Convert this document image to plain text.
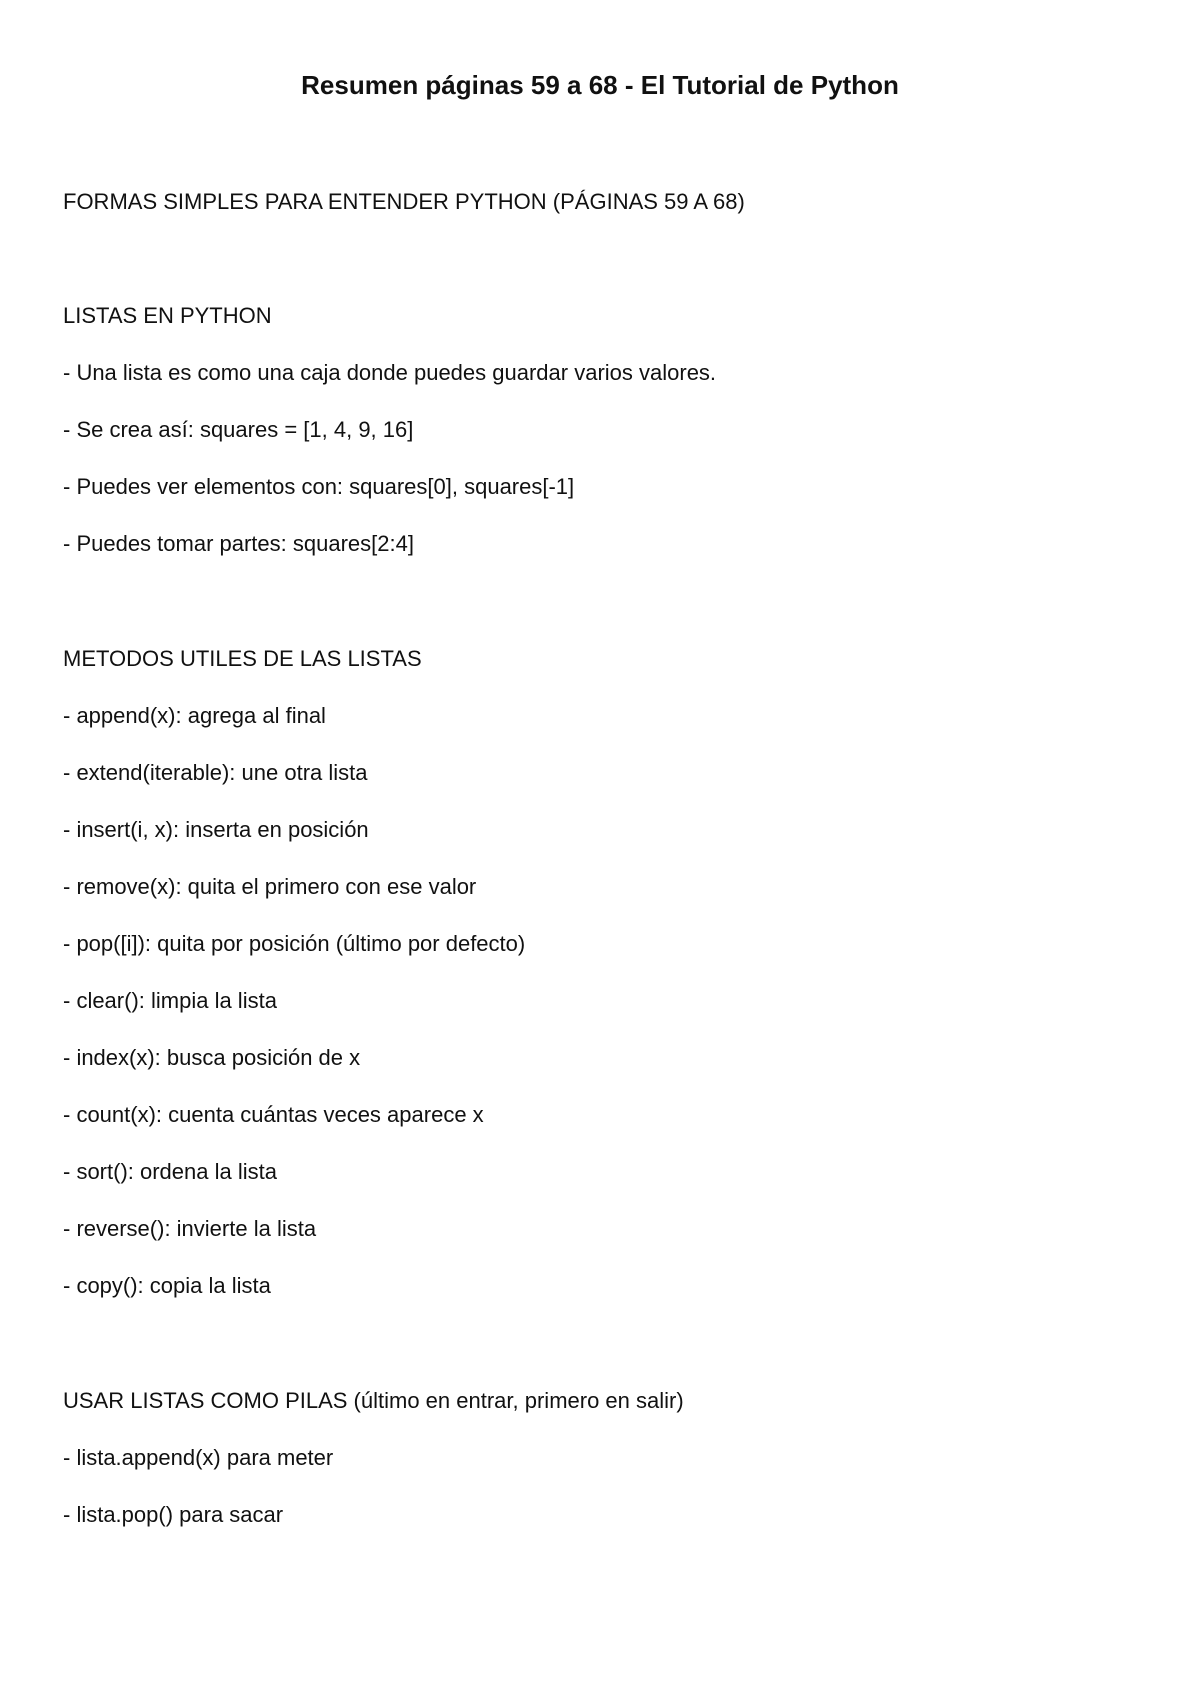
Resumen páginas 59 a 68 - El Tutorial de Python

FORMAS SIMPLES PARA ENTENDER PYTHON (PÁGINAS 59 A 68)

LISTAS EN PYTHON

- Una lista es como una caja donde puedes guardar varios valores.

- Se crea así: squares = [1, 4, 9, 16]

- Puedes ver elementos con: squares[0], squares[-1]

- Puedes tomar partes: squares[2:4]

METODOS UTILES DE LAS LISTAS

- append(x): agrega al final

- extend(iterable): une otra lista

- insert(i, x): inserta en posición

- remove(x): quita el primero con ese valor

- pop([i]): quita por posición (último por defecto)

- clear(): limpia la lista

- index(x): busca posición de x

- count(x): cuenta cuántas veces aparece x

- sort(): ordena la lista

- reverse(): invierte la lista

- copy(): copia la lista

USAR LISTAS COMO PILAS (último en entrar, primero en salir)

- lista.append(x) para meter

- lista.pop() para sacar
